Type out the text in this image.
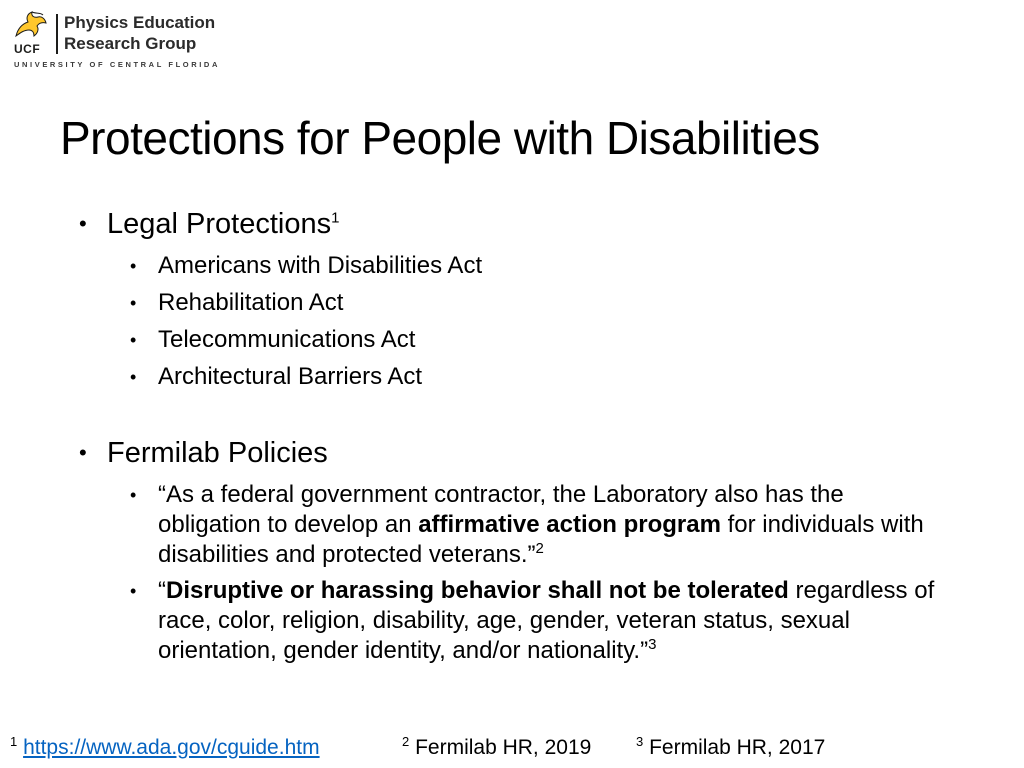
UCF
Physics Education
Research Group
UNIVERSITY OF CENTRAL FLORIDA
Protections for People with Disabilities
• Legal Protections$^1$
• Americans with Disabilities Act
• Rehabilitation Act
• Telecommunications Act
• Architectural Barriers Act
• Fermilab Policies
• “As a federal government contractor, the Laboratory also has the obligation to develop an affirmative action program for individuals with disabilities and protected veterans.”$^2$
• “Disruptive or harassing behavior shall not be tolerated regardless of race, color, religion, disability, age, gender, veteran status, sexual orientation, gender identity, and/or nationality.”$^3$
$^1$ https://www.ada.gov/cguide.htm	$^2$ Fermilab HR, 2019	$^3$ Fermilab HR, 2017
